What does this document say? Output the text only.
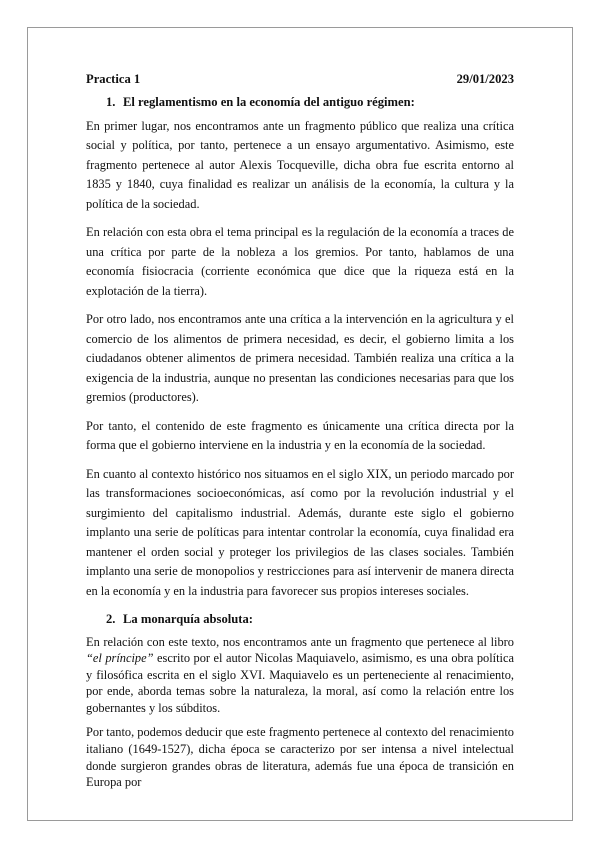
Practica 1	29/01/2023
1. El reglamentismo en la economía del antiguo régimen:

En primer lugar, nos encontramos ante un fragmento público que realiza una crítica social y política, por tanto, pertenece a un ensayo argumentativo. Asimismo, este fragmento pertenece al autor Alexis Tocqueville, dicha obra fue escrita entorno al 1835 y 1840, cuya finalidad es realizar un análisis de la economía, la cultura y la política de la sociedad.

En relación con esta obra el tema principal es la regulación de la economía a traces de una crítica por parte de la nobleza a los gremios. Por tanto, hablamos de una economía fisiocracia (corriente económica que dice que la riqueza está en la explotación de la tierra).

Por otro lado, nos encontramos ante una crítica a la intervención en la agricultura y el comercio de los alimentos de primera necesidad, es decir, el gobierno limita a los ciudadanos obtener alimentos de primera necesidad. También realiza una crítica a la exigencia de la industria, aunque no presentan las condiciones necesarias para que los gremios (productores).

Por tanto, el contenido de este fragmento es únicamente una crítica directa por la forma que el gobierno interviene en la industria y en la economía de la sociedad.

En cuanto al contexto histórico nos situamos en el siglo XIX, un periodo marcado por las transformaciones socioeconómicas, así como por la revolución industrial y el surgimiento del capitalismo industrial. Además, durante este siglo el gobierno implanto una serie de políticas para intentar controlar la economía, cuya finalidad era mantener el orden social y proteger los privilegios de las clases sociales. También implanto una serie de monopolios y restricciones para así intervenir de manera directa en la economía y en la industria para favorecer sus propios intereses sociales.

2. La monarquía absoluta:

En relación con este texto, nos encontramos ante un fragmento que pertenece al libro “el príncipe” escrito por el autor Nicolas Maquiavelo, asimismo, es una obra política y filosófica escrita en el siglo XVI. Maquiavelo es un perteneciente al renacimiento, por ende, aborda temas sobre la naturaleza, la moral, así como la relación entre los gobernantes y los súbditos.

Por tanto, podemos deducir que este fragmento pertenece al contexto del renacimiento italiano (1649-1527), dicha época se caracterizo por ser intensa a nivel intelectual donde surgieron grandes obras de literatura, además fue una época de transición en Europa por
